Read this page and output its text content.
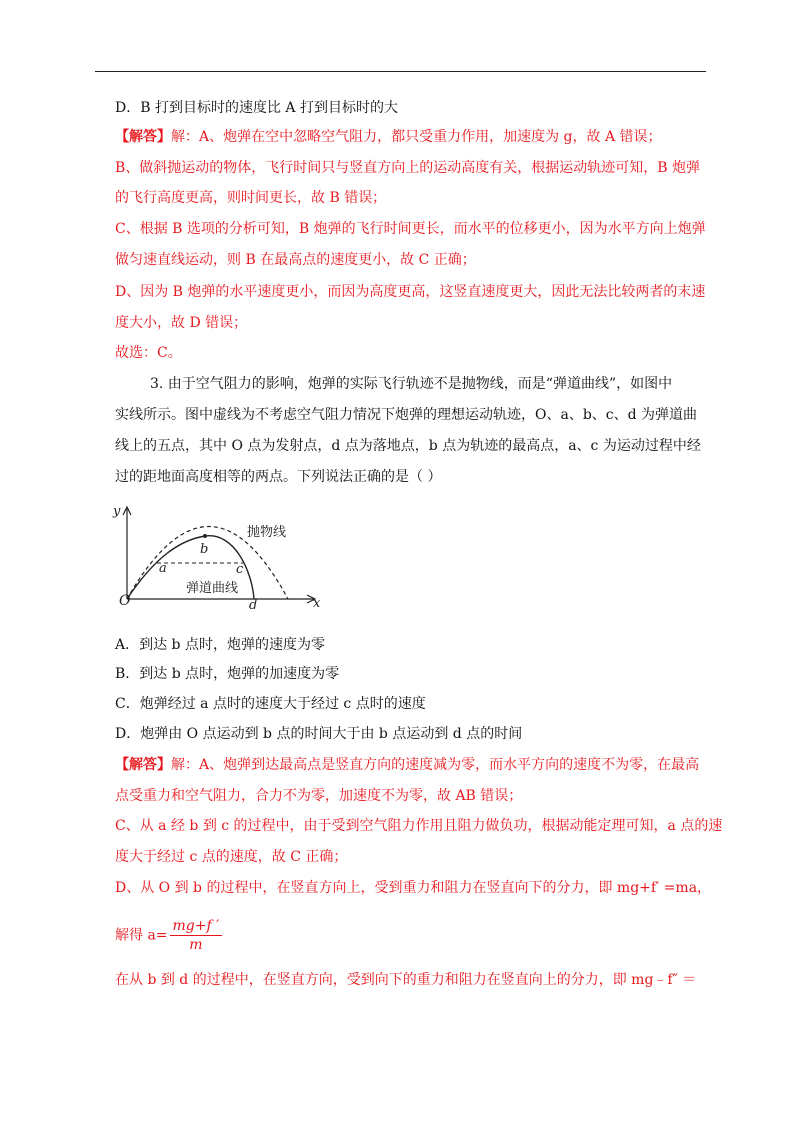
D．B 打到目标时的速度比 A 打到目标时的大
【解答】解：A、炮弹在空中忽略空气阻力，都只受重力作用，加速度为 g，故 A 错误；
B、做斜抛运动的物体，飞行时间只与竖直方向上的运动高度有关，根据运动轨迹可知，B 炮弹
的飞行高度更高，则时间更长，故 B 错误；
C、根据 B 选项的分析可知，B 炮弹的飞行时间更长，而水平的位移更小，因为水平方向上炮弹
做匀速直线运动，则 B 在最高点的速度更小，故 C 正确；
D、因为 B 炮弹的水平速度更小，而因为高度更高，这竖直速度更大，因此无法比较两者的末速
度大小，故 D 错误；
故选：C。
3. 由于空气阻力的影响，炮弹的实际飞行轨迹不是抛物线，而是“弹道曲线”，如图中
实线所示。图中虚线为不考虑空气阻力情况下炮弹的理想运动轨迹，O、a、b、c、d 为弹道曲
线上的五点，其中 O 点为发射点，d 点为落地点，b 点为轨迹的最高点，a、c 为运动过程中经
过的距地面高度相等的两点。下列说法正确的是（ ）
y
x
O
a
b
c
d
抛物线
弹道曲线
A．到达 b 点时，炮弹的速度为零
B．到达 b 点时，炮弹的加速度为零
C．炮弹经过 a 点时的速度大于经过 c 点时的速度
D．炮弹由 O 点运动到 b 点的时间大于由 b 点运动到 d 点的时间
【解答】解：A、炮弹到达最高点是竖直方向的速度减为零，而水平方向的速度不为零，在最高
点受重力和空气阻力，合力不为零，加速度不为零，故 AB 错误；
C、从 a 经 b 到 c 的过程中，由于受到空气阻力作用且阻力做负功，根据动能定理可知，a 点的速
度大于经过 c 点的速度，故 C 正确；
D、从 O 到 b 的过程中，在竖直方向上，受到重力和阻力在竖直向下的分力，即 mg+f′ =ma，
解得 $a= \frac{mg+f '}{m}$
在从 b 到 d 的过程中，在竖直方向，受到向下的重力和阻力在竖直向上的分力，即 mg﹣f″ ＝
